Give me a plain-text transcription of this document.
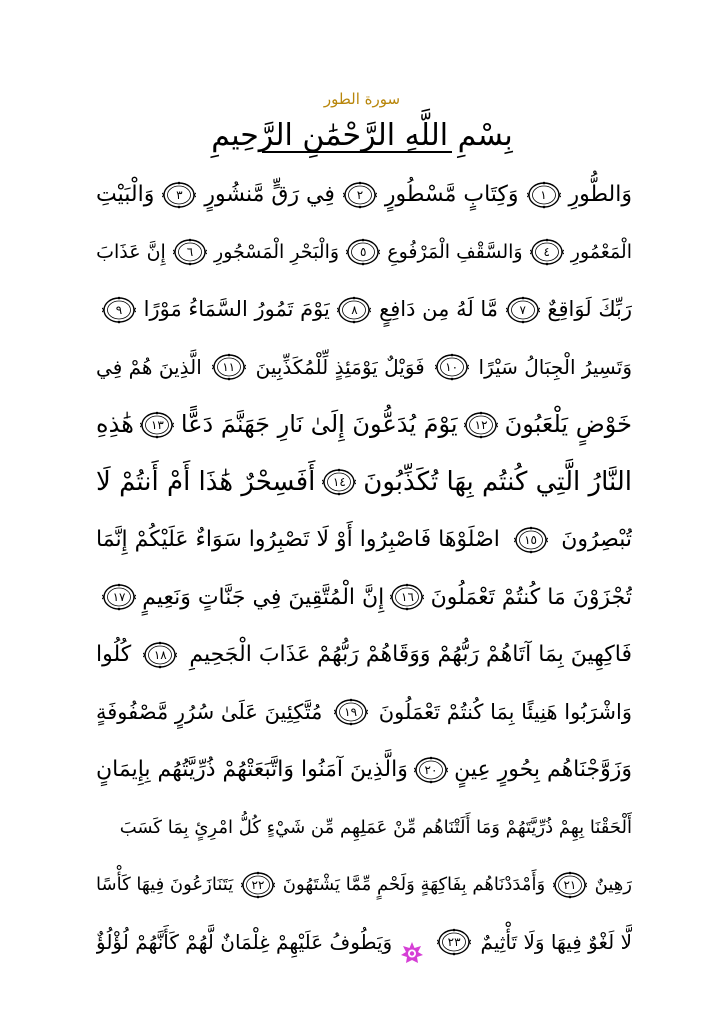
سورة الطور
بِسْمِ اللَّهِ الرَّحْمَٰنِ الرَّحِيمِ
وَالطُّورِ
١
وَكِتَابٍ مَّسْطُورٍ
٢
فِي رَقٍّ مَّنشُورٍ
٣
وَالْبَيْتِ
الْمَعْمُورِ
٤
وَالسَّقْفِ الْمَرْفُوعِ
٥
وَالْبَحْرِ الْمَسْجُورِ
٦
إِنَّ عَذَابَ
رَبِّكَ لَوَاقِعٌ
٧
مَّا لَهُ مِن دَافِعٍ
٨
يَوْمَ تَمُورُ السَّمَاءُ مَوْرًا
٩
وَتَسِيرُ الْجِبَالُ سَيْرًا
١٠
فَوَيْلٌ يَوْمَئِذٍ لِّلْمُكَذِّبِينَ
١١
الَّذِينَ هُمْ فِي
خَوْضٍ يَلْعَبُونَ
١٢
يَوْمَ يُدَعُّونَ إِلَىٰ نَارِ جَهَنَّمَ دَعًّا
١٣
هَٰذِهِ
النَّارُ الَّتِي كُنتُم بِهَا تُكَذِّبُونَ
١٤
أَفَسِحْرٌ هَٰذَا أَمْ أَنتُمْ لَا
تُبْصِرُونَ
١٥
اصْلَوْهَا فَاصْبِرُوا أَوْ لَا تَصْبِرُوا سَوَاءٌ عَلَيْكُمْ إِنَّمَا
تُجْزَوْنَ مَا كُنتُمْ تَعْمَلُونَ
١٦
إِنَّ الْمُتَّقِينَ فِي جَنَّاتٍ وَنَعِيمٍ
١٧
فَاكِهِينَ بِمَا آتَاهُمْ رَبُّهُمْ وَوَقَاهُمْ رَبُّهُمْ عَذَابَ الْجَحِيمِ
١٨
كُلُوا
وَاشْرَبُوا هَنِيئًا بِمَا كُنتُمْ تَعْمَلُونَ
١٩
مُتَّكِئِينَ عَلَىٰ سُرُرٍ مَّصْفُوفَةٍ
وَزَوَّجْنَاهُم بِحُورٍ عِينٍ
٢٠
وَالَّذِينَ آمَنُوا وَاتَّبَعَتْهُمْ ذُرِّيَّتُهُم بِإِيمَانٍ
أَلْحَقْنَا بِهِمْ ذُرِّيَّتَهُمْ وَمَا أَلَتْنَاهُم مِّنْ عَمَلِهِم مِّن شَيْءٍ كُلُّ امْرِئٍ بِمَا كَسَبَ
رَهِينٌ
٢١
وَأَمْدَدْنَاهُم بِفَاكِهَةٍ وَلَحْمٍ مِّمَّا يَشْتَهُونَ
٢٢
يَتَنَازَعُونَ فِيهَا كَأْسًا
لَّا لَغْوٌ فِيهَا وَلَا تَأْثِيمٌ
٢٣
وَيَطُوفُ عَلَيْهِمْ غِلْمَانٌ لَّهُمْ كَأَنَّهُمْ لُؤْلُؤٌ
